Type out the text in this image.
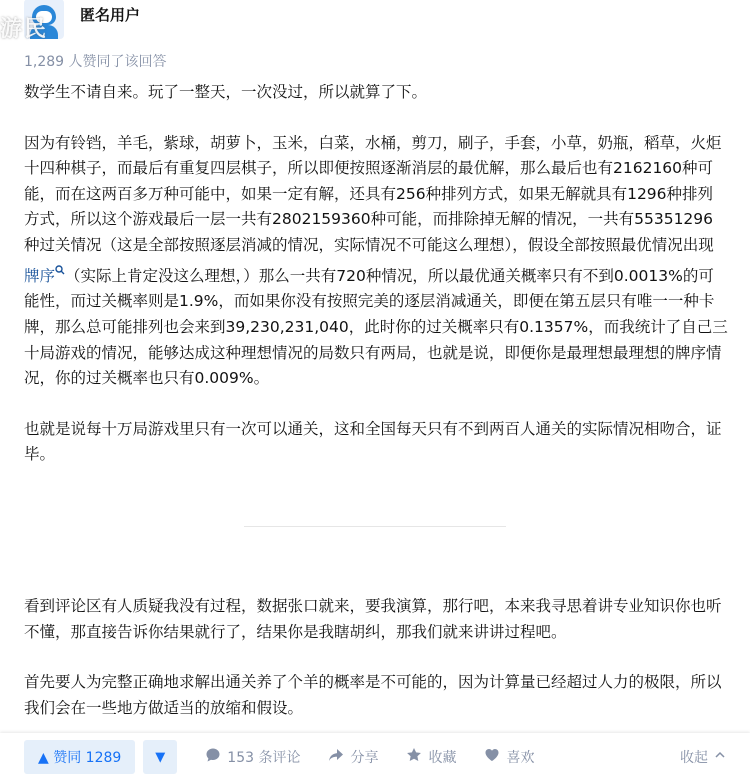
匿名用户
游民
1,289 人赞同了该回答

数学生不请自来。玩了一整天，一次没过，所以就算了下。

因为有铃铛，羊毛，紫球，胡萝卜，玉米，白菜，水桶，剪刀，刷子，手套，小草，奶瓶，稻草，火炬十四种棋子，而最后有重复四层棋子，所以即便按照逐渐消层的最优解，那么最后也有2162160种可能，而在这两百多万种可能中，如果一定有解，还具有256种排列方式，如果无解就具有1296种排列方式，所以这个游戏最后一层一共有2802159360种可能，而排除掉无解的情况，一共有55351296种过关情况（这是全部按照逐层消减的情况，实际情况不可能这么理想），假设全部按照最优情况出现牌序 （实际上肯定没这么理想，）那么一共有720种情况，所以最优通关概率只有不到0.0013%的可能性，而过关概率则是1.9%，而如果你没有按照完美的逐层消减通关，即便在第五层只有唯一一种卡牌，那么总可能排列也会来到39,230,231,040，此时你的过关概率只有0.1357%，而我统计了自己三十局游戏的情况，能够达成这种理想情况的局数只有两局，也就是说，即便你是最理想最理想的牌序情况，你的过关概率也只有0.009%。

也就是说每十万局游戏里只有一次可以通关，这和全国每天只有不到两百人通关的实际情况相吻合，证毕。

看到评论区有人质疑我没有过程，数据张口就来，要我演算，那行吧，本来我寻思着讲专业知识你也听不懂，那直接告诉你结果就行了，结果你是我瞎胡纠，那我们就来讲讲过程吧。

首先要人为完整正确地求解出通关养了个羊的概率是不可能的，因为计算量已经超过人力的极限，所以我们会在一些地方做适当的放缩和假设。

▲ 赞同 1289	▼	153 条评论	分享	收藏	喜欢	收起
